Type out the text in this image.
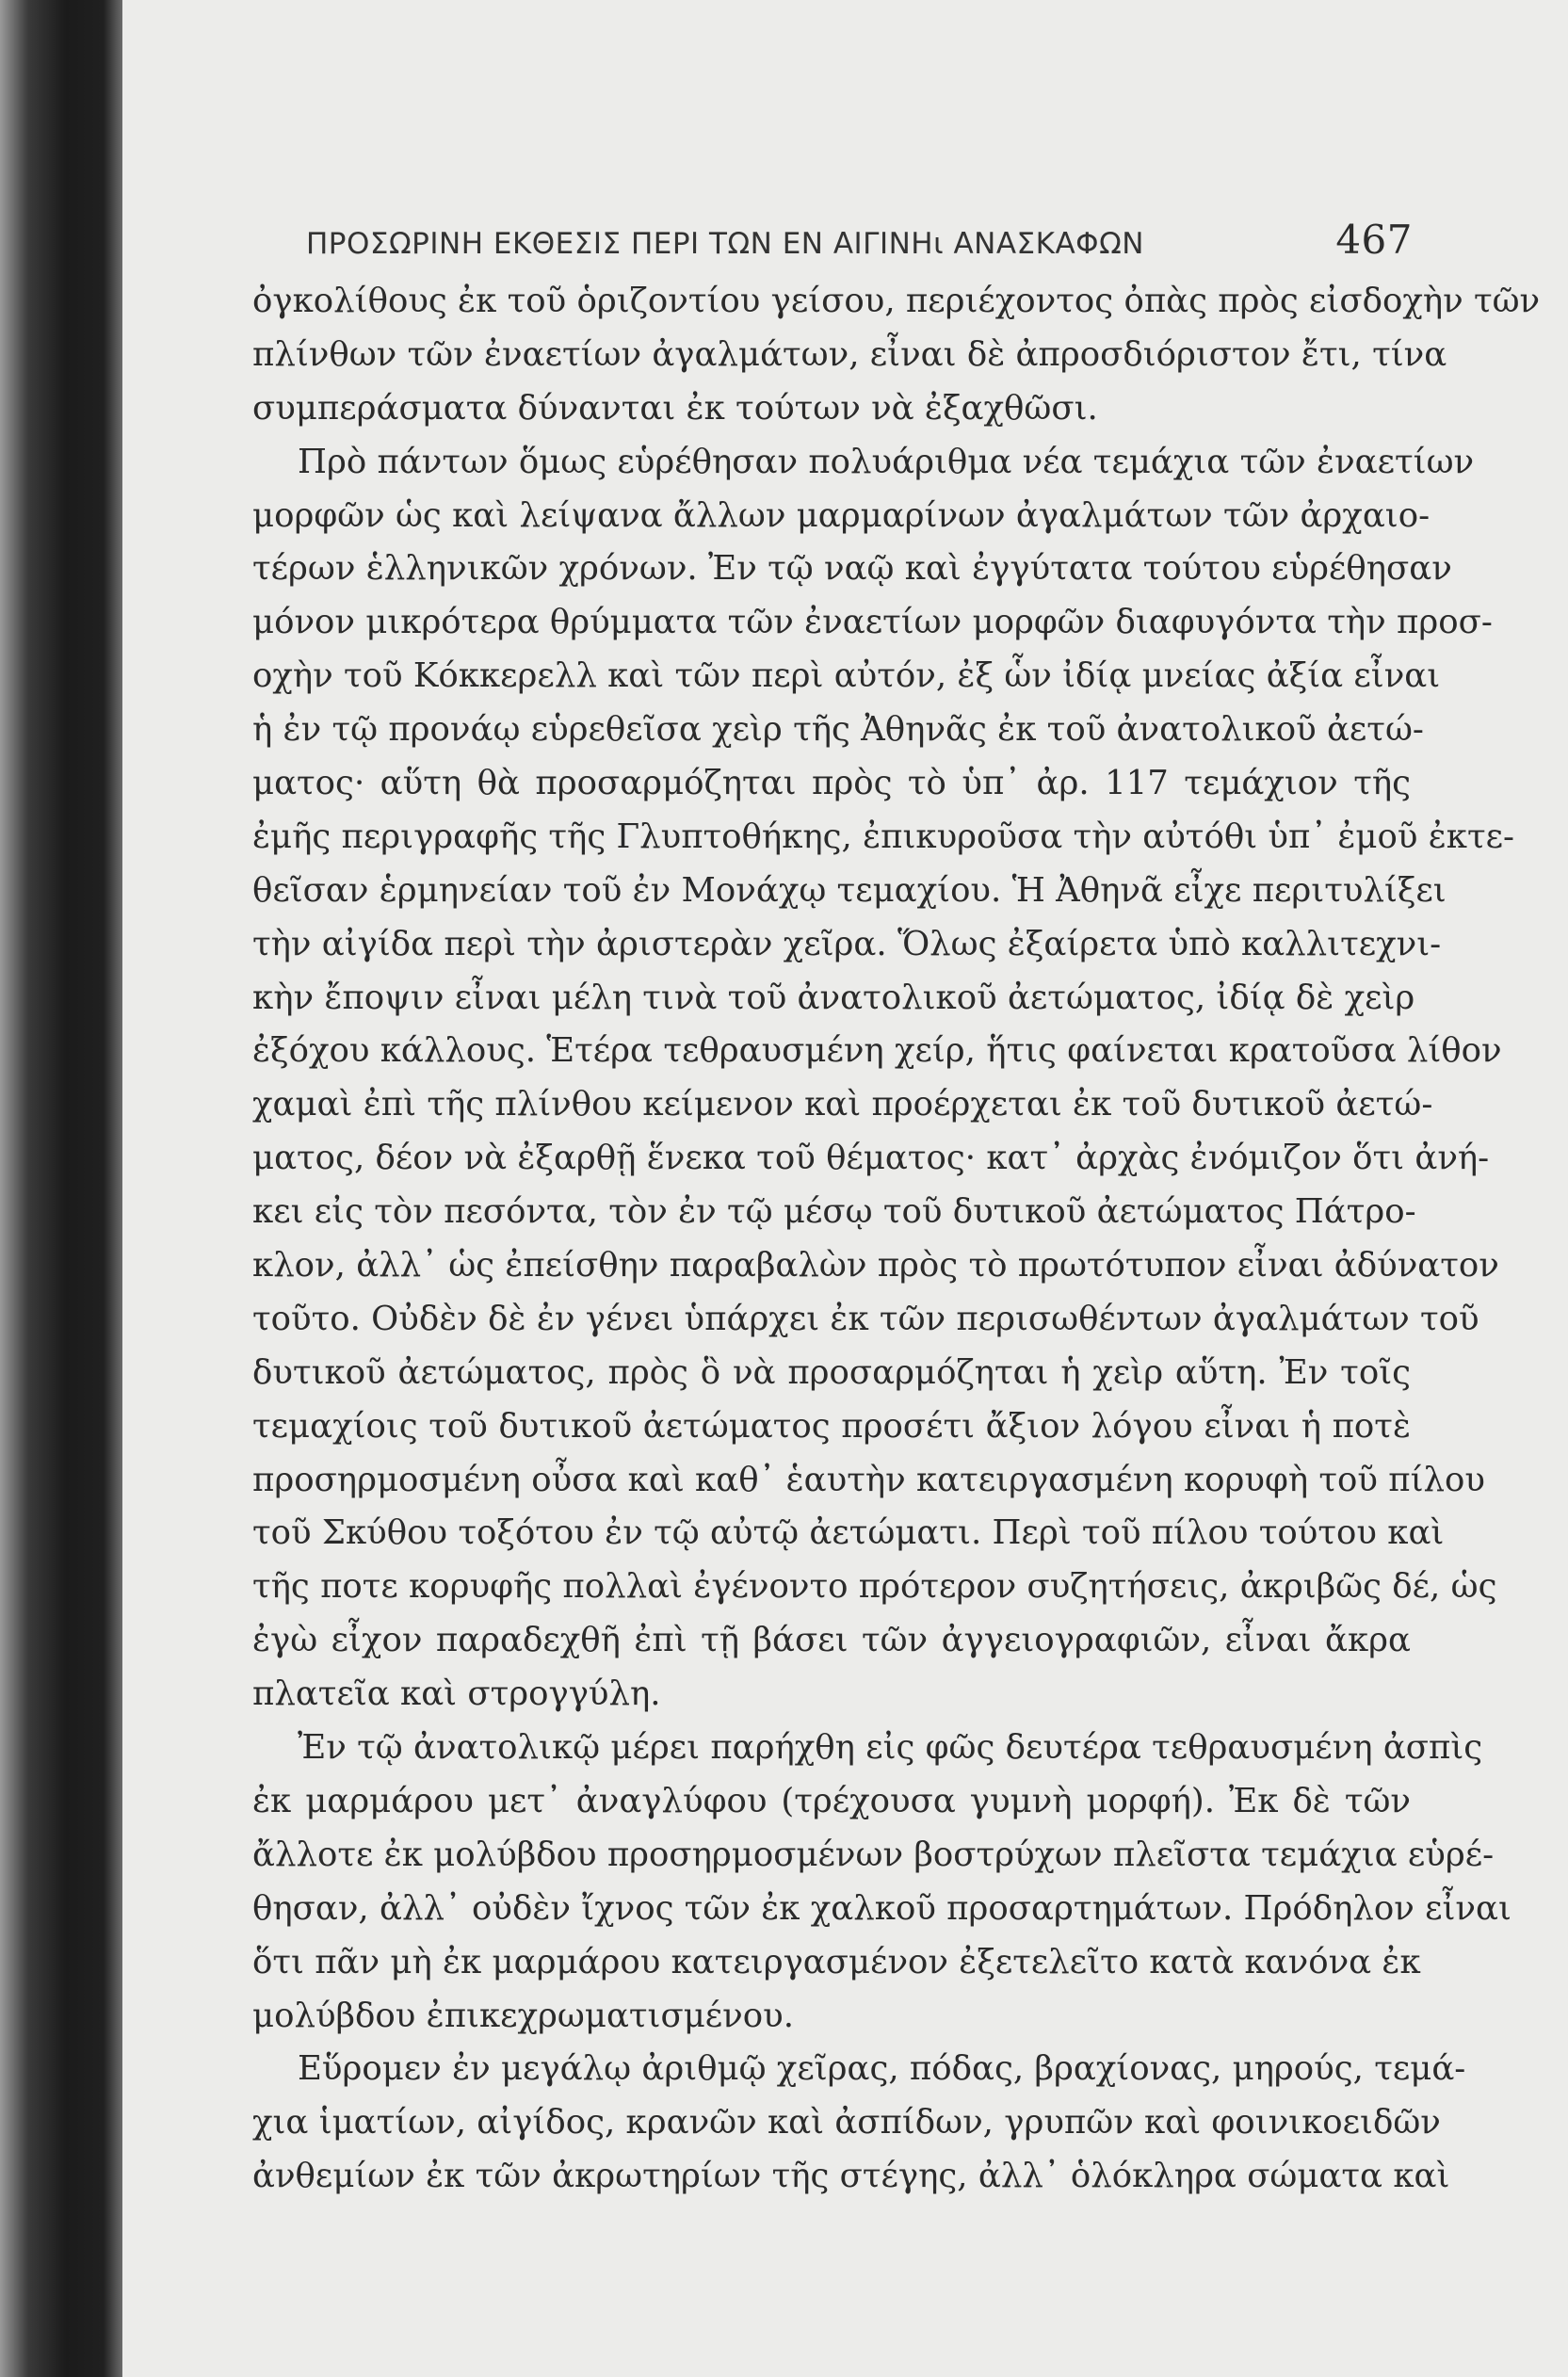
ΠΡΟΣΩΡΙΝΗ ΕΚΘΕΣΙΣ ΠΕΡΙ ΤΩΝ ΕΝ ΑΙΓΙΝΗι ΑΝΑΣΚΑΦΩΝ	467
ὀγκολίθους ἐκ τοῦ ὁριζοντίου γείσου, περιέχοντος ὀπὰς πρὸς εἰσδοχὴν τῶν
πλίνθων τῶν ἐναετίων ἀγαλμάτων, εἶναι δὲ ἀπροσδιόριστον ἔτι, τίνα
συμπεράσματα δύνανται ἐκ τούτων νὰ ἐξαχθῶσι.
Πρὸ πάντων ὅμως εὑρέθησαν πολυάριθμα νέα τεμάχια τῶν ἐναετίων
μορφῶν ὡς καὶ λείψανα ἄλλων μαρμαρίνων ἀγαλμάτων τῶν ἀρχαιο-
τέρων ἑλληνικῶν χρόνων. Ἐν τῷ ναῷ καὶ ἐγγύτατα τούτου εὑρέθησαν
μόνον μικρότερα θρύμματα τῶν ἐναετίων μορφῶν διαφυγόντα τὴν προσ-
οχὴν τοῦ Κόκκερελλ καὶ τῶν περὶ αὐτόν, ἐξ ὧν ἰδίᾳ μνείας ἀξία εἶναι
ἡ ἐν τῷ προνάῳ εὑρεθεῖσα χεὶρ τῆς Ἀθηνᾶς ἐκ τοῦ ἀνατολικοῦ ἀετώ-
ματος· αὕτη θὰ προσαρμόζηται πρὸς τὸ ὑπ᾿ ἀρ. 117 τεμάχιον τῆς
ἐμῆς περιγραφῆς τῆς Γλυπτοθήκης, ἐπικυροῦσα τὴν αὐτόθι ὑπ᾿ ἐμοῦ ἐκτε-
θεῖσαν ἑρμηνείαν τοῦ ἐν Μονάχῳ τεμαχίου. Ἡ Ἀθηνᾶ εἶχε περιτυλίξει
τὴν αἰγίδα περὶ τὴν ἀριστερὰν χεῖρα. Ὅλως ἐξαίρετα ὑπὸ καλλιτεχνι-
κὴν ἔποψιν εἶναι μέλη τινὰ τοῦ ἀνατολικοῦ ἀετώματος, ἰδίᾳ δὲ χεὶρ
ἐξόχου κάλλους. Ἑτέρα τεθραυσμένη χείρ, ἥτις φαίνεται κρατοῦσα λίθον
χαμαὶ ἐπὶ τῆς πλίνθου κείμενον καὶ προέρχεται ἐκ τοῦ δυτικοῦ ἀετώ-
ματος, δέον νὰ ἐξαρθῇ ἕνεκα τοῦ θέματος· κατ᾿ ἀρχὰς ἐνόμιζον ὅτι ἀνή-
κει εἰς τὸν πεσόντα, τὸν ἐν τῷ μέσῳ τοῦ δυτικοῦ ἀετώματος Πάτρο-
κλον, ἀλλ᾿ ὡς ἐπείσθην παραβαλὼν πρὸς τὸ πρωτότυπον εἶναι ἀδύνατον
τοῦτο. Οὐδὲν δὲ ἐν γένει ὑπάρχει ἐκ τῶν περισωθέντων ἀγαλμάτων τοῦ
δυτικοῦ ἀετώματος, πρὸς ὃ νὰ προσαρμόζηται ἡ χεὶρ αὕτη. Ἐν τοῖς
τεμαχίοις τοῦ δυτικοῦ ἀετώματος προσέτι ἄξιον λόγου εἶναι ἡ ποτὲ
προσηρμοσμένη οὖσα καὶ καθ᾿ ἑαυτὴν κατειργασμένη κορυφὴ τοῦ πίλου
τοῦ Σκύθου τοξότου ἐν τῷ αὐτῷ ἀετώματι. Περὶ τοῦ πίλου τούτου καὶ
τῆς ποτε κορυφῆς πολλαὶ ἐγένοντο πρότερον συζητήσεις, ἀκριβῶς δέ, ὡς
ἐγὼ εἶχον παραδεχθῆ ἐπὶ τῇ βάσει τῶν ἀγγειογραφιῶν, εἶναι ἄκρα
πλατεῖα καὶ στρογγύλη.
Ἐν τῷ ἀνατολικῷ μέρει παρήχθη εἰς φῶς δευτέρα τεθραυσμένη ἀσπὶς
ἐκ μαρμάρου μετ᾿ ἀναγλύφου (τρέχουσα γυμνὴ μορφή). Ἐκ δὲ τῶν
ἄλλοτε ἐκ μολύβδου προσηρμοσμένων βοστρύχων πλεῖστα τεμάχια εὑρέ-
θησαν, ἀλλ᾿ οὐδὲν ἴχνος τῶν ἐκ χαλκοῦ προσαρτημάτων. Πρόδηλον εἶναι
ὅτι πᾶν μὴ ἐκ μαρμάρου κατειργασμένον ἐξετελεῖτο κατὰ κανόνα ἐκ
μολύβδου ἐπικεχρωματισμένου.
Εὕρομεν ἐν μεγάλῳ ἀριθμῷ χεῖρας, πόδας, βραχίονας, μηρούς, τεμά-
χια ἱματίων, αἰγίδος, κρανῶν καὶ ἀσπίδων, γρυπῶν καὶ φοινικοειδῶν
ἀνθεμίων ἐκ τῶν ἀκρωτηρίων τῆς στέγης, ἀλλ᾿ ὁλόκληρα σώματα καὶ
